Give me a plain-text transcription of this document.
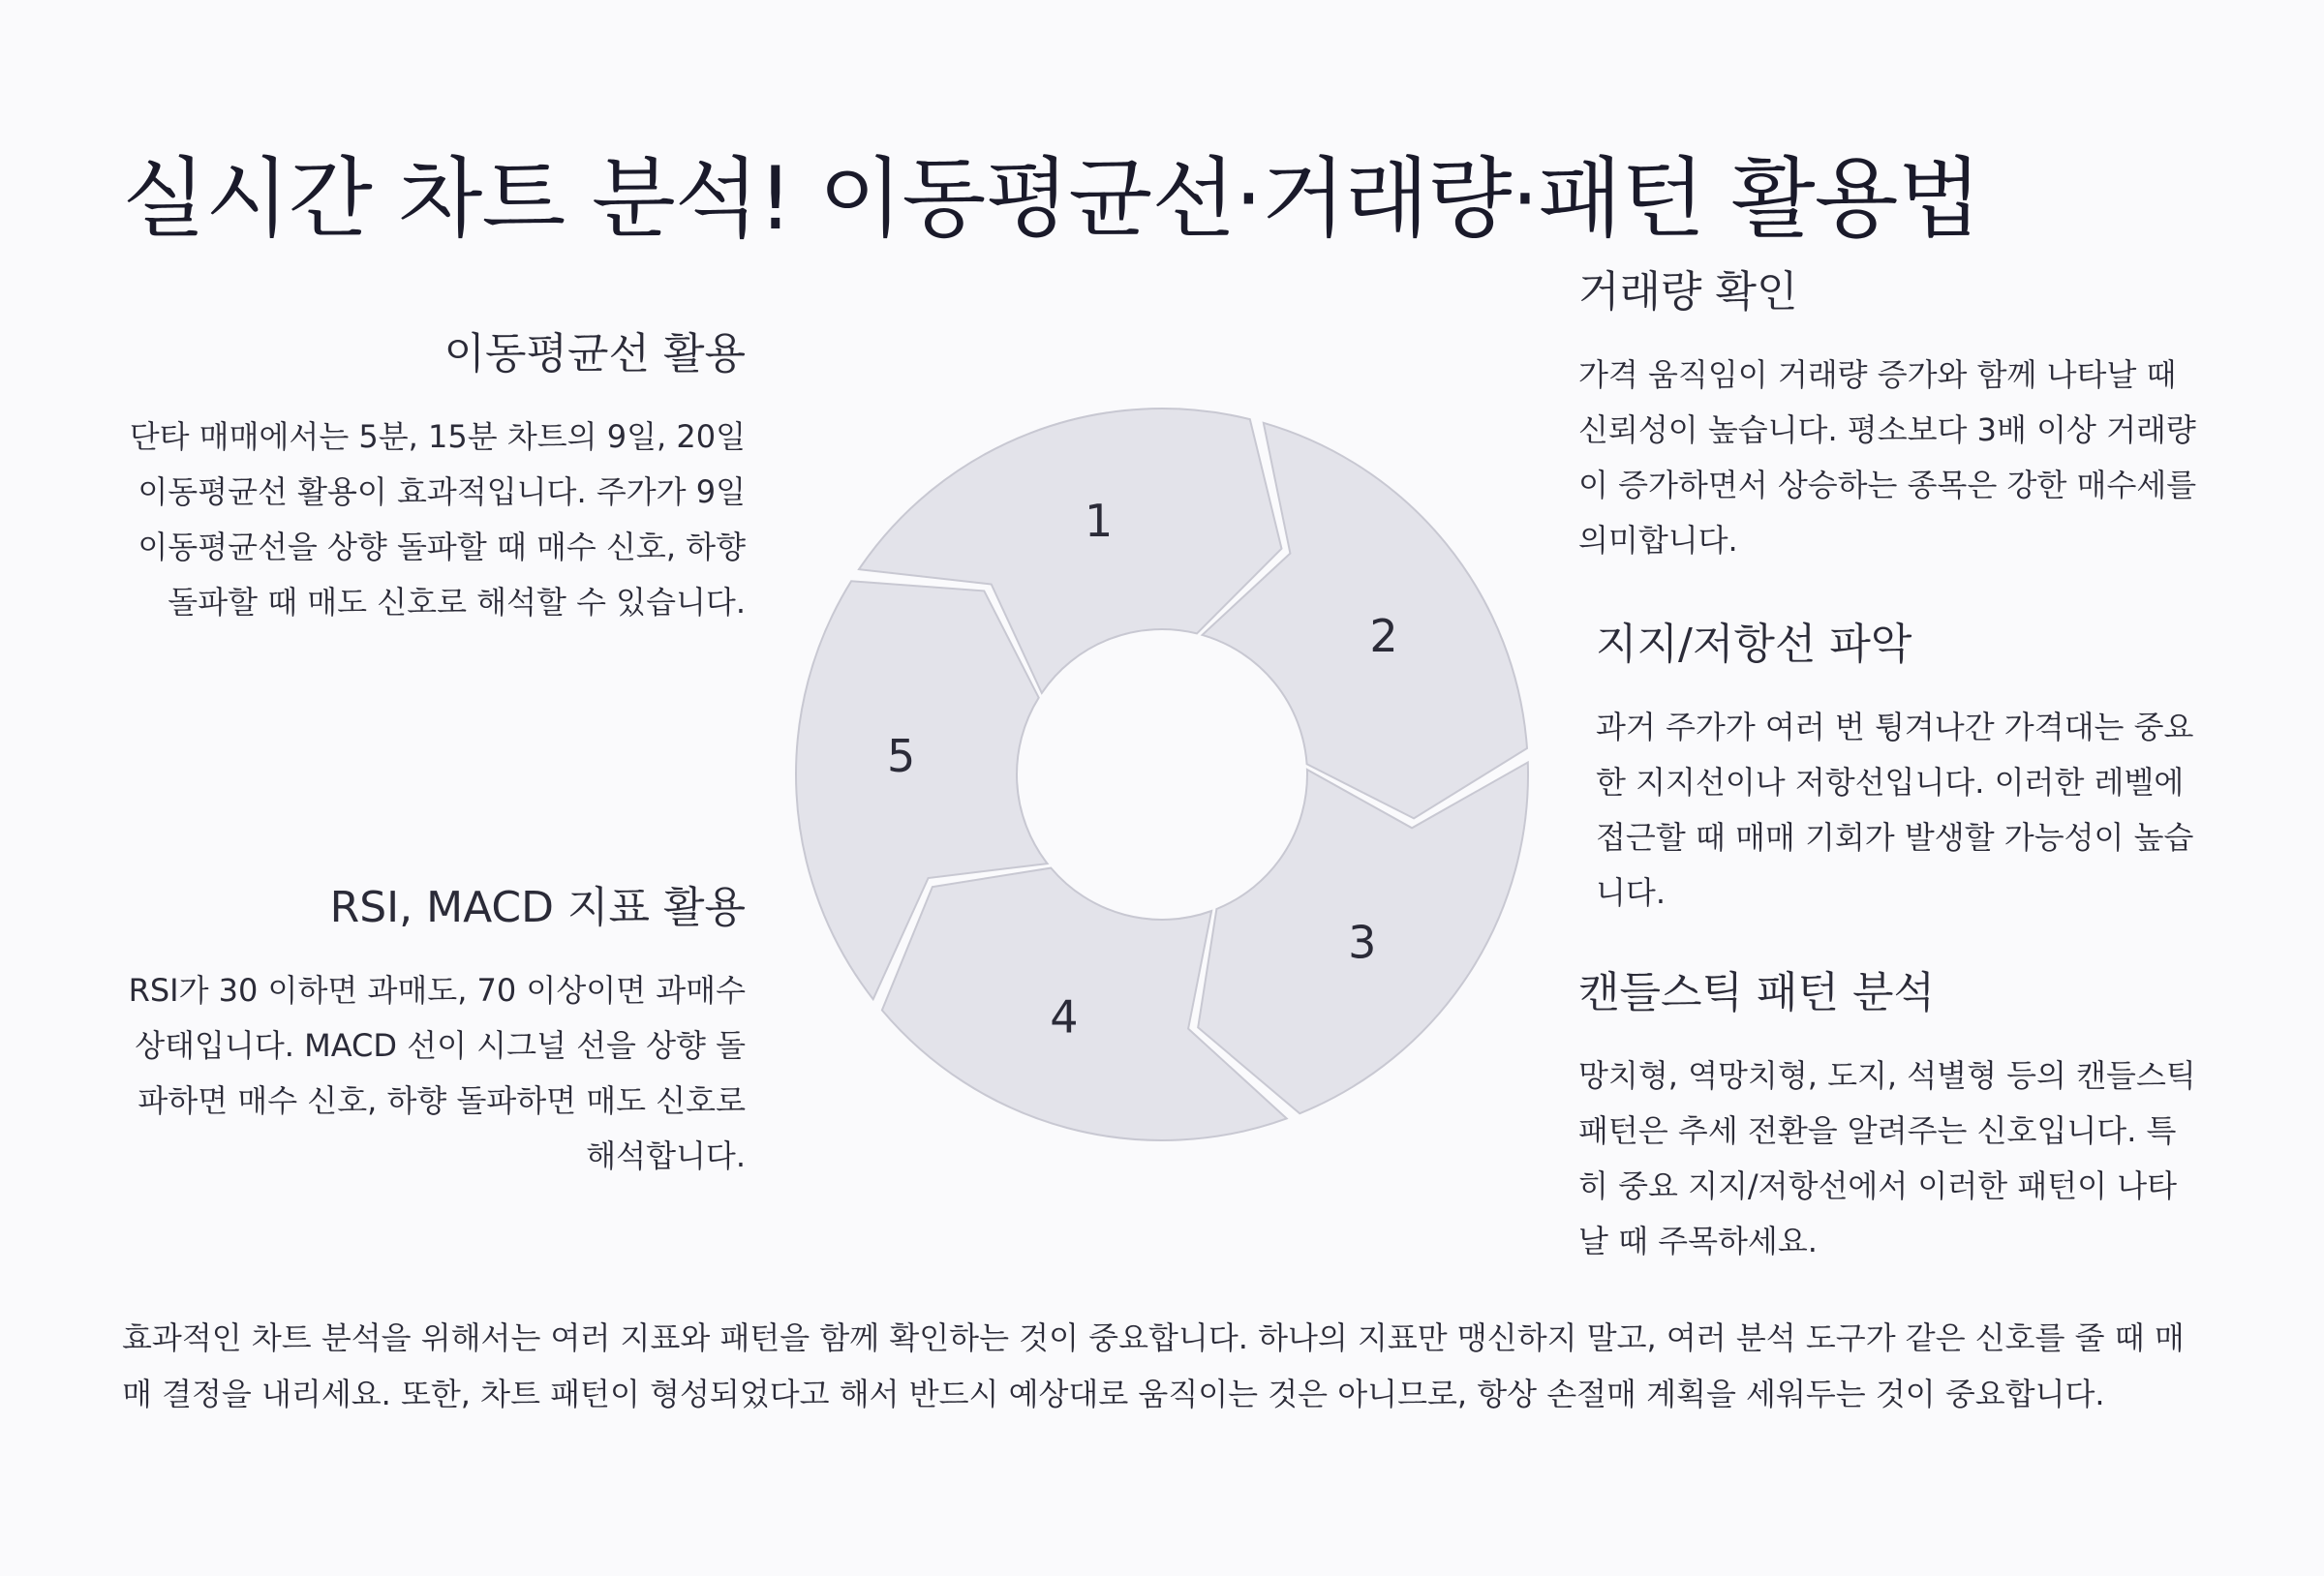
실시간 차트 분석! 이동평균선·거래량·패턴 활용법
이동평균선 활용

단타 매매에서는 5분, 15분 차트의 9일, 20일 이동평균선 활용이 효과적입니다. 주가가 9일 이동평균선을 상향 돌파할 때 매수 신호, 하향 돌파할 때 매도 신호로 해석할 수 있습니다.

RSI, MACD 지표 활용

RSI가 30 이하면 과매도, 70 이상이면 과매수 상태입니다. MACD 선이 시그널 선을 상향 돌파하면 매수 신호, 하향 돌파하면 매도 신호로 해석합니다.

거래량 확인

가격 움직임이 거래량 증가와 함께 나타날 때 신뢰성이 높습니다. 평소보다 3배 이상 거래량이 증가하면서 상승하는 종목은 강한 매수세를 의미합니다.

지지/저항선 파악

과거 주가가 여러 번 튕겨나간 가격대는 중요한 지지선이나 저항선입니다. 이러한 레벨에 접근할 때 매매 기회가 발생할 가능성이 높습니다.

캔들스틱 패턴 분석

망치형, 역망치형, 도지, 석별형 등의 캔들스틱 패턴은 추세 전환을 알려주는 신호입니다. 특히 중요 지지/저항선에서 이러한 패턴이 나타날 때 주목하세요.

1
2
3
4
5
효과적인 차트 분석을 위해서는 여러 지표와 패턴을 함께 확인하는 것이 중요합니다. 하나의 지표만 맹신하지 말고, 여러 분석 도구가 같은 신호를 줄 때 매매 결정을 내리세요. 또한, 차트 패턴이 형성되었다고 해서 반드시 예상대로 움직이는 것은 아니므로, 항상 손절매 계획을 세워두는 것이 중요합니다.
